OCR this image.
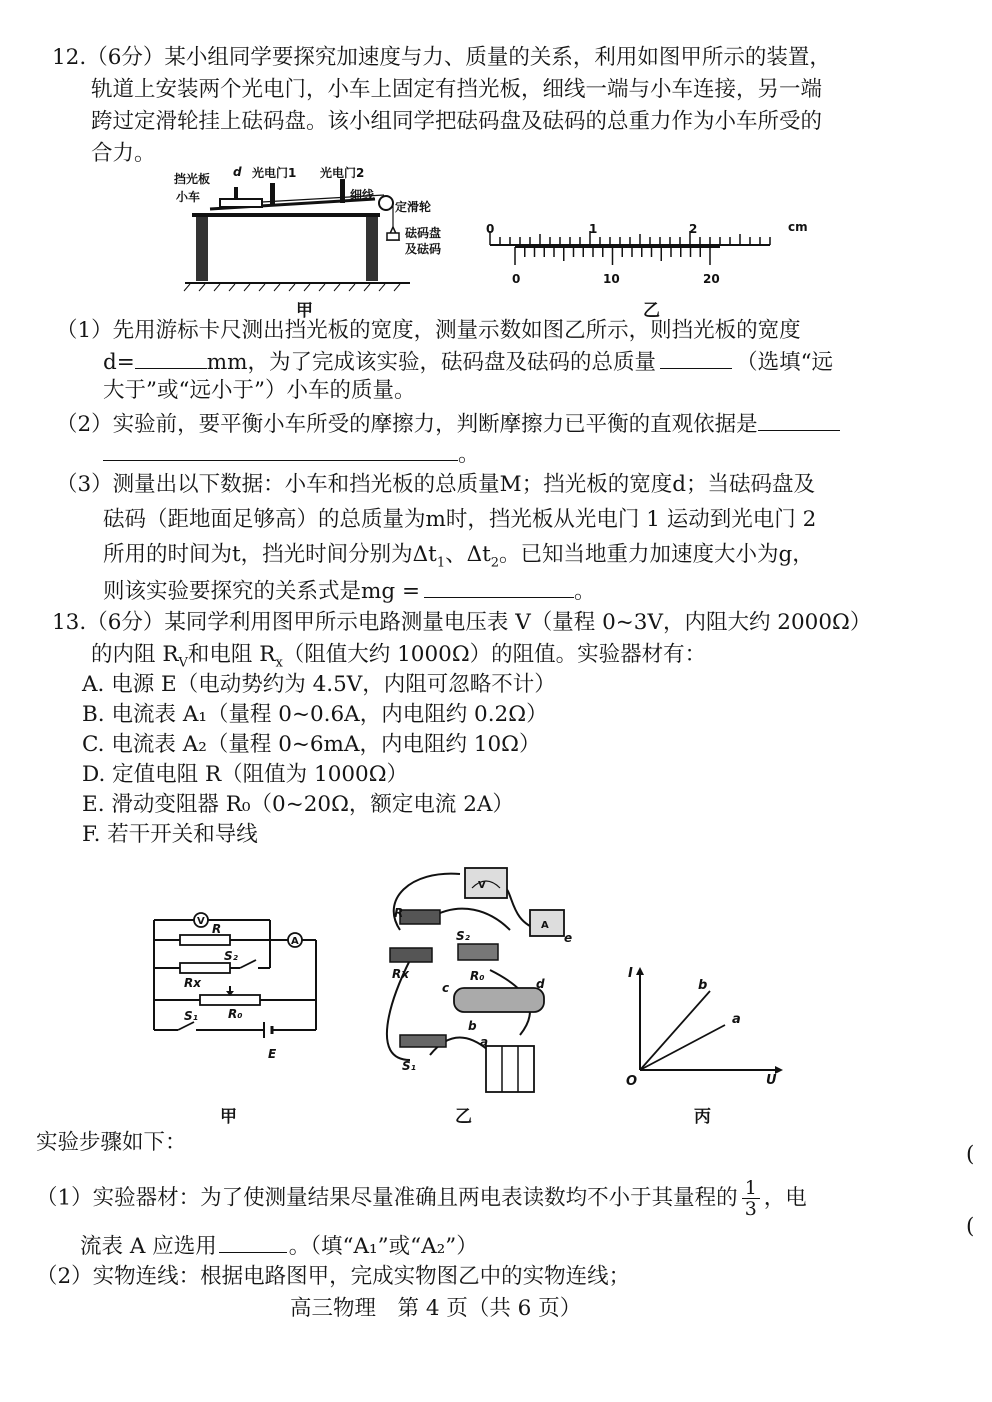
12.（6分）某小组同学要探究加速度与力、质量的关系，利用如图甲所示的装置，
轨道上安装两个光电门，小车上固定有挡光板，细线一端与小车连接，另一端
跨过定滑轮挂上砝码盘。该小组同学把砝码盘及砝码的总重力作为小车所受的
合力。
挡光板 d 光电门1 光电门2
小车	细线
定滑轮
砝码盘
及砝码
甲
0	1	2	cm
0	10	20
乙
（1）先用游标卡尺测出挡光板的宽度，测量示数如图乙所示，则挡光板的宽度
d=	mm，为了完成该实验，砝码盘及砝码的总质量	（选填“远
大于”或“远小于”）小车的质量。
（2）实验前，要平衡小车所受的摩擦力，判断摩擦力已平衡的直观依据是
。
（3）测量出以下数据：小车和挡光板的总质量M；挡光板的宽度d；当砝码盘及
砝码（距地面足够高）的总质量为m时，挡光板从光电门 1 运动到光电门 2
所用的时间为t，挡光时间分别为$\Delta t_1$、$\Delta t_2$。已知当地重力加速度大小为g，
则该实验要探究的关系式是mg =	。
13.（6分）某同学利用图甲所示电路测量电压表 V（量程 0~3V，内阻大约 2000Ω）
的内阻 $R_V$和电阻 $R_x$（阻值大约 1000Ω）的阻值。实验器材有：
A. 电源 E（电动势约为 4.5V，内阻可忽略不计）
B. 电流表 A₁（量程 0~0.6A，内电阻约 0.2Ω）
C. 电流表 A₂（量程 0~6mA，内电阻约 10Ω）
D. 定值电阻 R（阻值为 1000Ω）
E. 滑动变阻器 R₀（0~20Ω，额定电流 2A）
F. 若干开关和导线
V
A
R
S₂
Rx
R₀
S₁
E
甲
V
A
R
S₂	e
Rx	R₀
c	d
b
a
S₁
乙
I
U
O
b
a
丙
实验步骤如下：
（1）实验器材：为了使测量结果尽量准确且两电表读数均不小于其量程的 $\frac{1}{3}$ ，电
流表 A 应选用	。（填“A₁”或“A₂”）
（2）实物连线：根据电路图甲，完成实物图乙中的实物连线；
高三物理　第 4 页（共 6 页）
(
(
